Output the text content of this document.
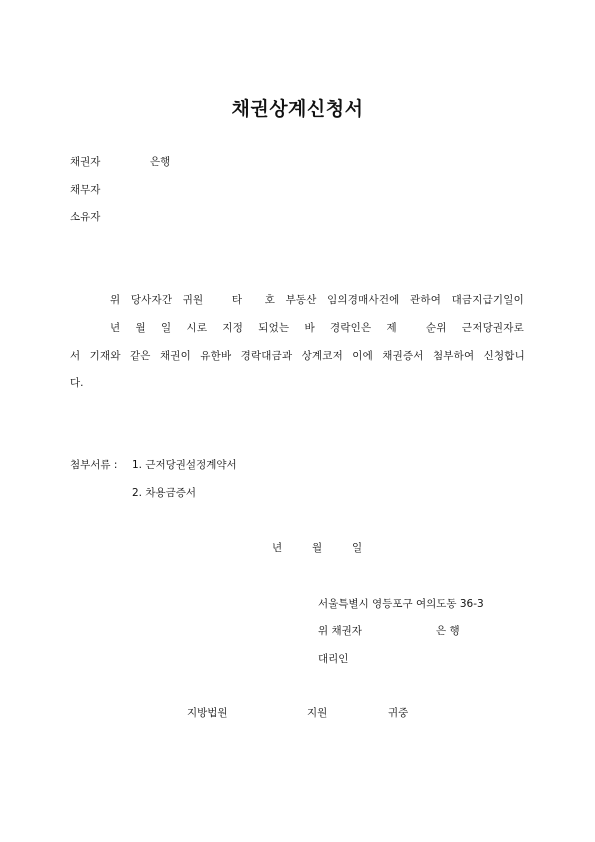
채권상계신청서
채권자	은행
채무자
소유자
위 당사자간 귀원	타 호 부동산 임의경매사건에 관하여 대금지급기일이
년 월 일 시로 지정 되었는 바 경락인은 제	순위 근저당권자로
서 기재와 같은 채권이 유한바 경락대금과 상계코저 이에 채권증서 첨부하여 신청합니
다.
첨부서류 : 1. 근저당권설정계약서
2. 차용금증서
년	월	일
서울특별시 영등포구 여의도동 36-3
위 채권자	은 행
대리인
지방법원	지원	귀중
